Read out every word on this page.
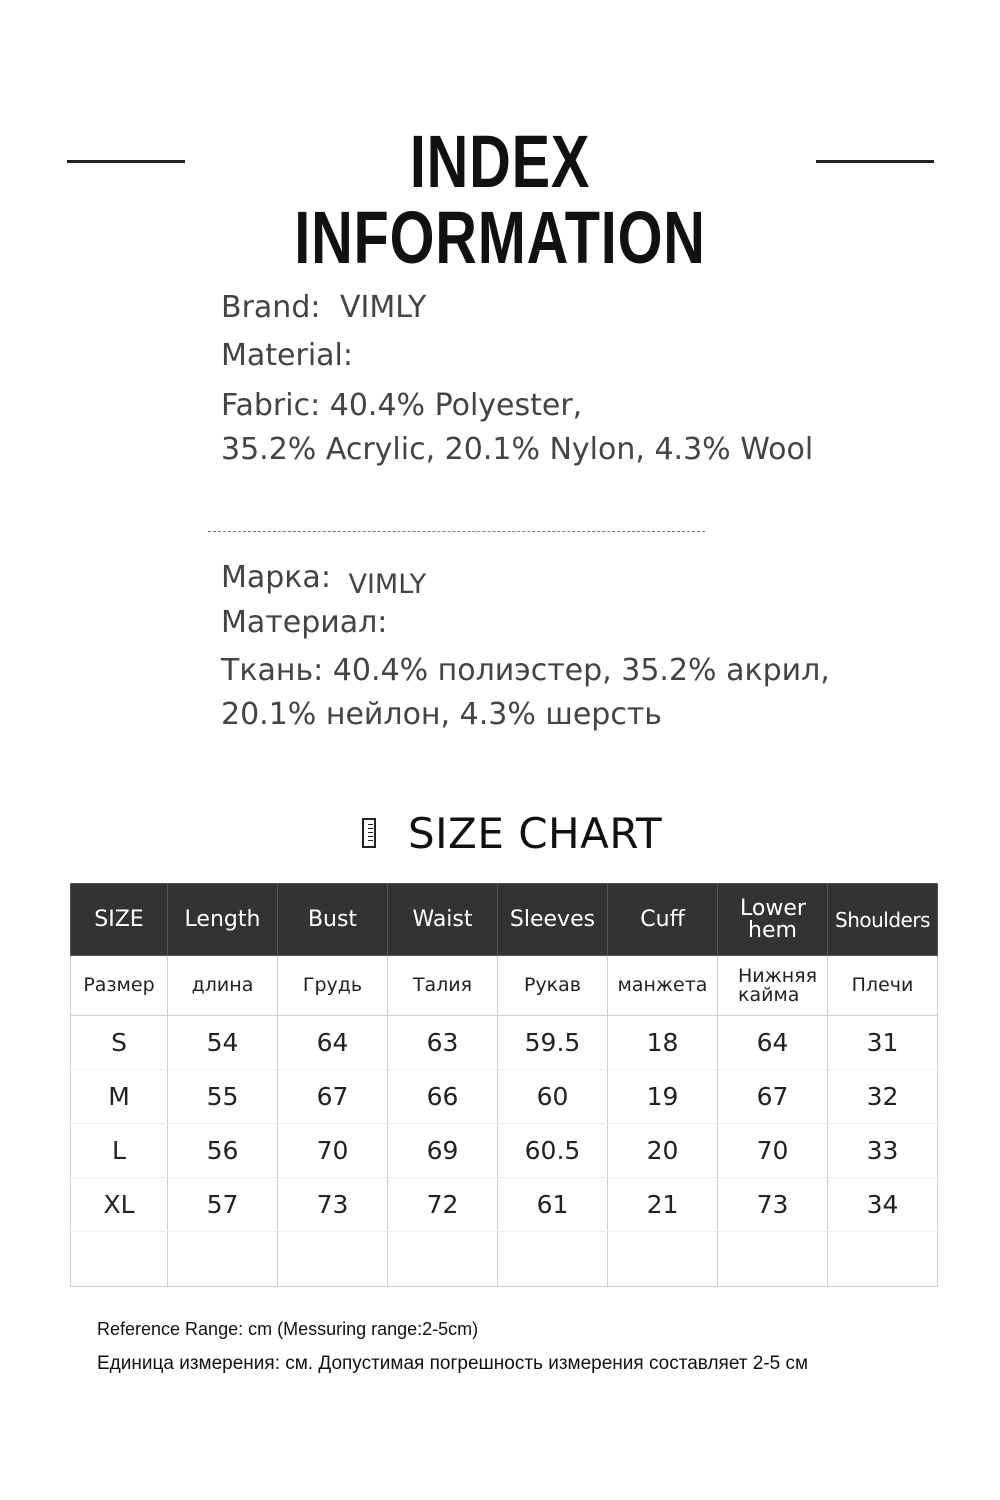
INDEX INFORMATION
Brand: VIMLY
Material:
Fabric: 40.4% Polyester,
35.2% Acrylic, 20.1% Nylon, 4.3% Wool
Марка: VIMLY
Материал:
Ткань: 40.4% полиэстер, 35.2% акрил,
20.1% нейлон, 4.3% шерсть
SIZE CHART
SIZE	Length	Bust	Waist	Sleeves	Cuff	Lower hem	Shoulders
Размер	длина	Грудь	Талия	Рукав	манжета	Нижняя кайма	Плечи
S	54	64	63	59.5	18	64	31
M	55	67	66	60	19	67	32
L	56	70	69	60.5	20	70	33
XL	57	73	72	61	21	73	34

Reference Range: cm (Messuring range:2-5cm)
Единица измерения: см. Допустимая погрешность измерения составляет 2-5 см
